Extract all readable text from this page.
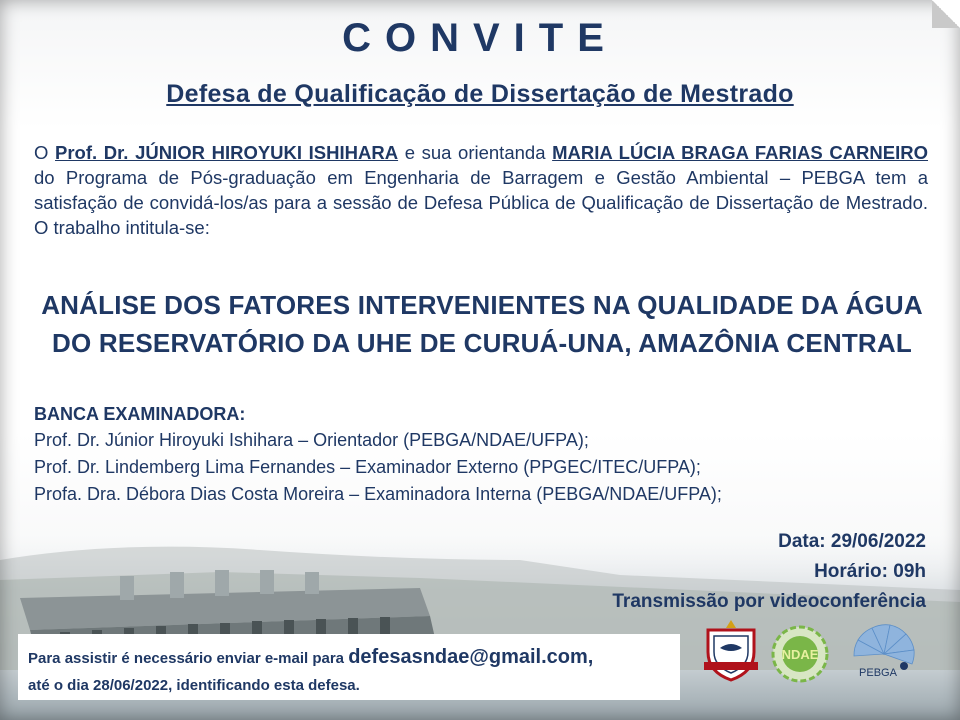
CONVITE
Defesa de Qualificação de Dissertação de Mestrado
O Prof. Dr. JÚNIOR HIROYUKI ISHIHARA e sua orientanda MARIA LÚCIA BRAGA FARIAS CARNEIRO do Programa de Pós-graduação em Engenharia de Barragem e Gestão Ambiental – PEBGA tem a satisfação de convidá-los/as para a sessão de Defesa Pública de Qualificação de Dissertação de Mestrado. O trabalho intitula-se:
ANÁLISE DOS FATORES INTERVENIENTES NA QUALIDADE DA ÁGUA DO RESERVATÓRIO DA UHE DE CURUÁ-UNA, AMAZÔNIA CENTRAL
BANCA EXAMINADORA:
Prof. Dr. Júnior Hiroyuki Ishihara – Orientador (PEBGA/NDAE/UFPA);
Prof. Dr. Lindemberg Lima Fernandes – Examinador Externo (PPGEC/ITEC/UFPA);
Profa. Dra. Débora Dias Costa Moreira – Examinadora Interna (PEBGA/NDAE/UFPA);
Data: 29/06/2022
Horário: 09h
Transmissão por videoconferência
Para assistir é necessário enviar e-mail para defesasndae@gmail.com,
até o dia 28/06/2022, identificando esta defesa.
NDAE
PEBGA
